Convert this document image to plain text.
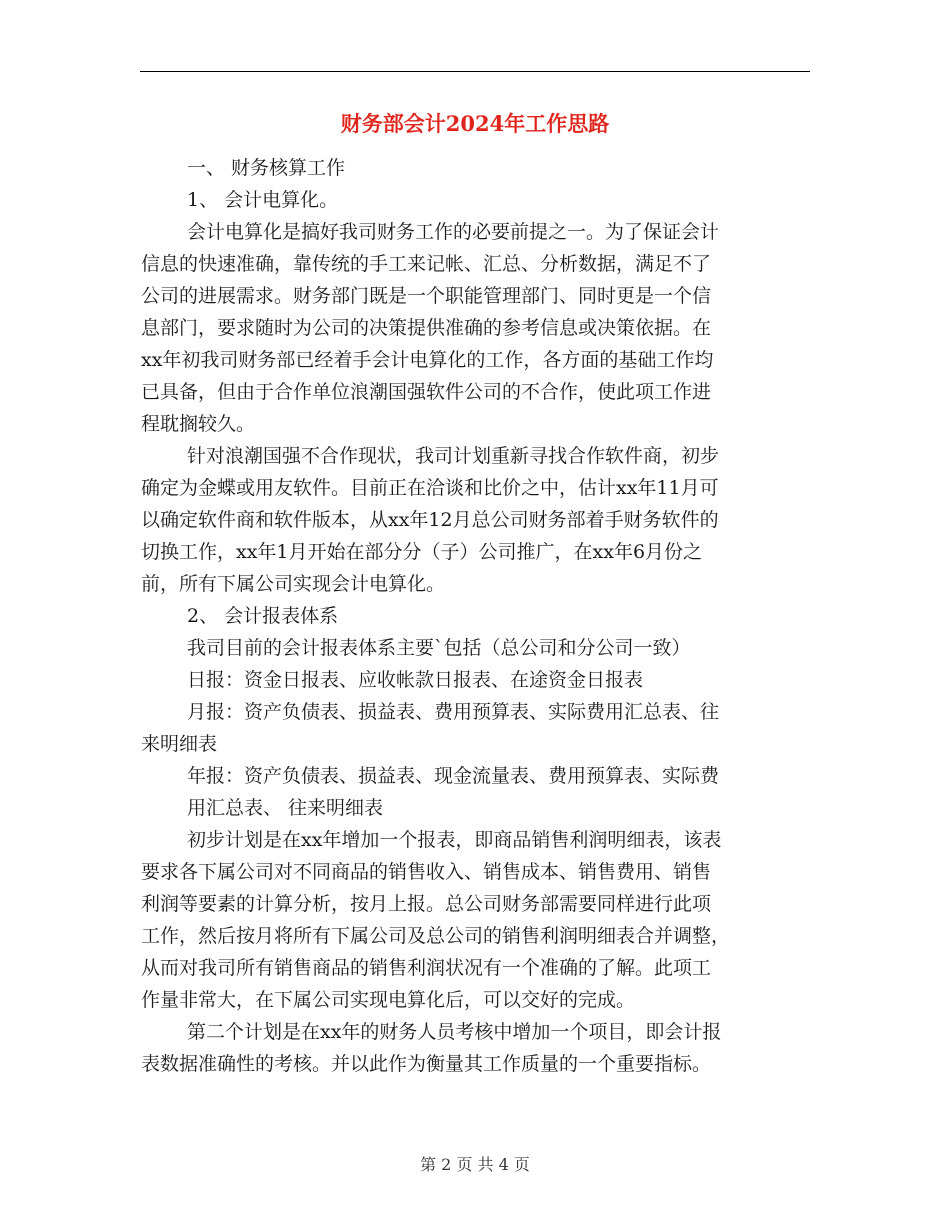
财务部会计2024年工作思路
一、 财务核算工作
1、 会计电算化。
会计电算化是搞好我司财务工作的必要前提之一。为了保证会计
信息的快速准确，靠传统的手工来记帐、汇总、分析数据，满足不了
公司的进展需求。财务部门既是一个职能管理部门、同时更是一个信
息部门，要求随时为公司的决策提供准确的参考信息或决策依据。在
xx年初我司财务部已经着手会计电算化的工作，各方面的基础工作均
已具备，但由于合作单位浪潮国强软件公司的不合作，使此项工作进
程耽搁较久。
针对浪潮国强不合作现状，我司计划重新寻找合作软件商，初步
确定为金蝶或用友软件。目前正在洽谈和比价之中，估计xx年11月可
以确定软件商和软件版本，从xx年12月总公司财务部着手财务软件的
切换工作，xx年1月开始在部分分（子）公司推广，在xx年6月份之
前，所有下属公司实现会计电算化。
2、 会计报表体系
我司目前的会计报表体系主要`包括（总公司和分公司一致）
日报：资金日报表、应收帐款日报表、在途资金日报表
月报：资产负债表、损益表、费用预算表、实际费用汇总表、往
来明细表
年报：资产负债表、损益表、现金流量表、费用预算表、实际费
用汇总表、 往来明细表
初步计划是在xx年增加一个报表，即商品销售利润明细表，该表
要求各下属公司对不同商品的销售收入、销售成本、销售费用、销售
利润等要素的计算分析，按月上报。总公司财务部需要同样进行此项
工作，然后按月将所有下属公司及总公司的销售利润明细表合并调整，
从而对我司所有销售商品的销售利润状况有一个准确的了解。此项工
作量非常大，在下属公司实现电算化后，可以交好的完成。
第二个计划是在xx年的财务人员考核中增加一个项目，即会计报
表数据准确性的考核。并以此作为衡量其工作质量的一个重要指标。
第 2 页 共 4 页
